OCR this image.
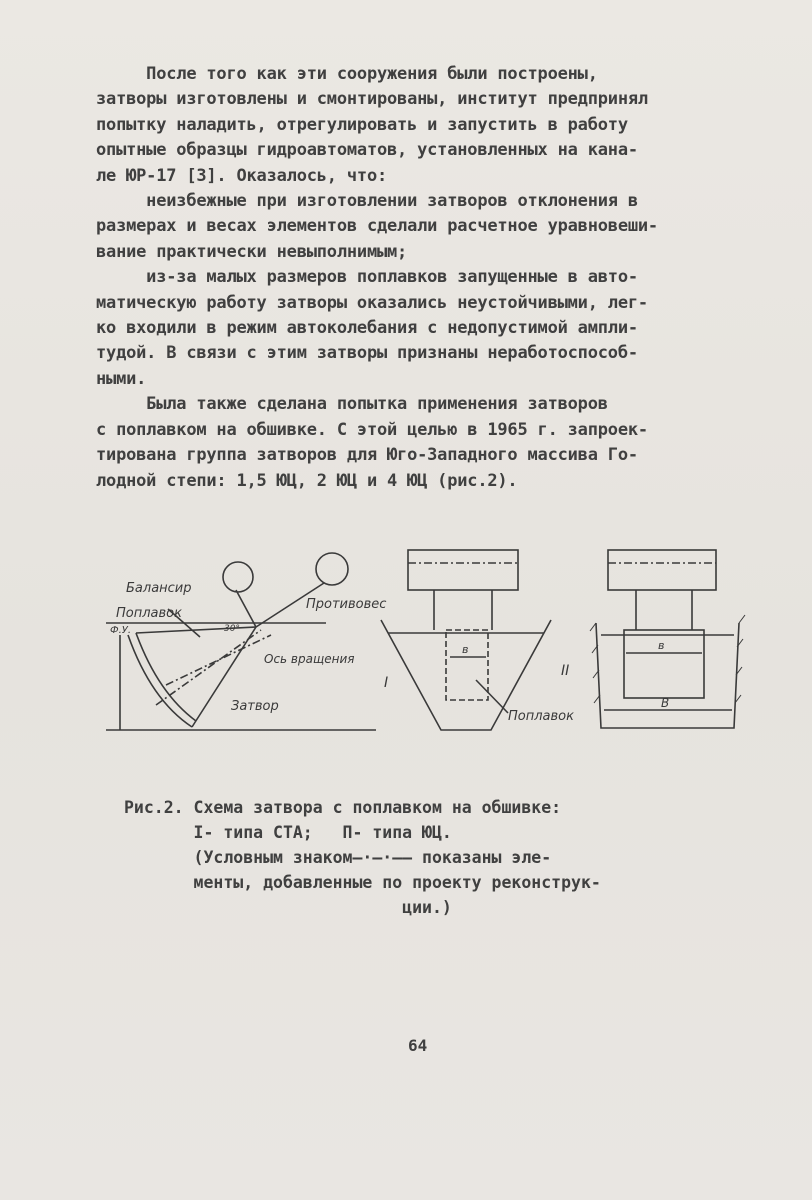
После того как эти сооружения были построены,

затворы изготовлены и смонтированы, институт предпринял

попытку наладить, отрегулировать и запустить в работу

опытные образцы гидроавтоматов, установленных на кана-

ле ЮР-17 [3]. Оказалось, что:

неизбежные при изготовлении затворов отклонения в

размерах и весах элементов сделали расчетное уравновеши-

вание практически невыполнимым;

из-за малых размеров поплавков запущенные в авто-

матическую работу затворы оказались неустойчивыми, лег-

ко входили в режим автоколебания с недопустимой ампли-

тудой. В связи с этим затворы признаны неработоспособ-

ными.

Была также сделана попытка применения затворов

с поплавком на обшивке. С этой целью в 1965 г. запроек-

тирована группа затворов для Юго-Западного массива Го-

лодной степи: 1,5 ЮЦ, 2 ЮЦ и 4 ЮЦ (рис.2).

Балансир
Поплавок
Противовес
Ф.У.	30°
Ось вращения
Затвор
I
II
Поплавок
в	в
В

Рис.2. Схема затвора с поплавком на обшивке:

I- типа СТА;   П- типа ЮЦ.

(Условным знаком—·—·—— показаны эле-

менты, добавленные по проекту реконструк-

ции.)

64
